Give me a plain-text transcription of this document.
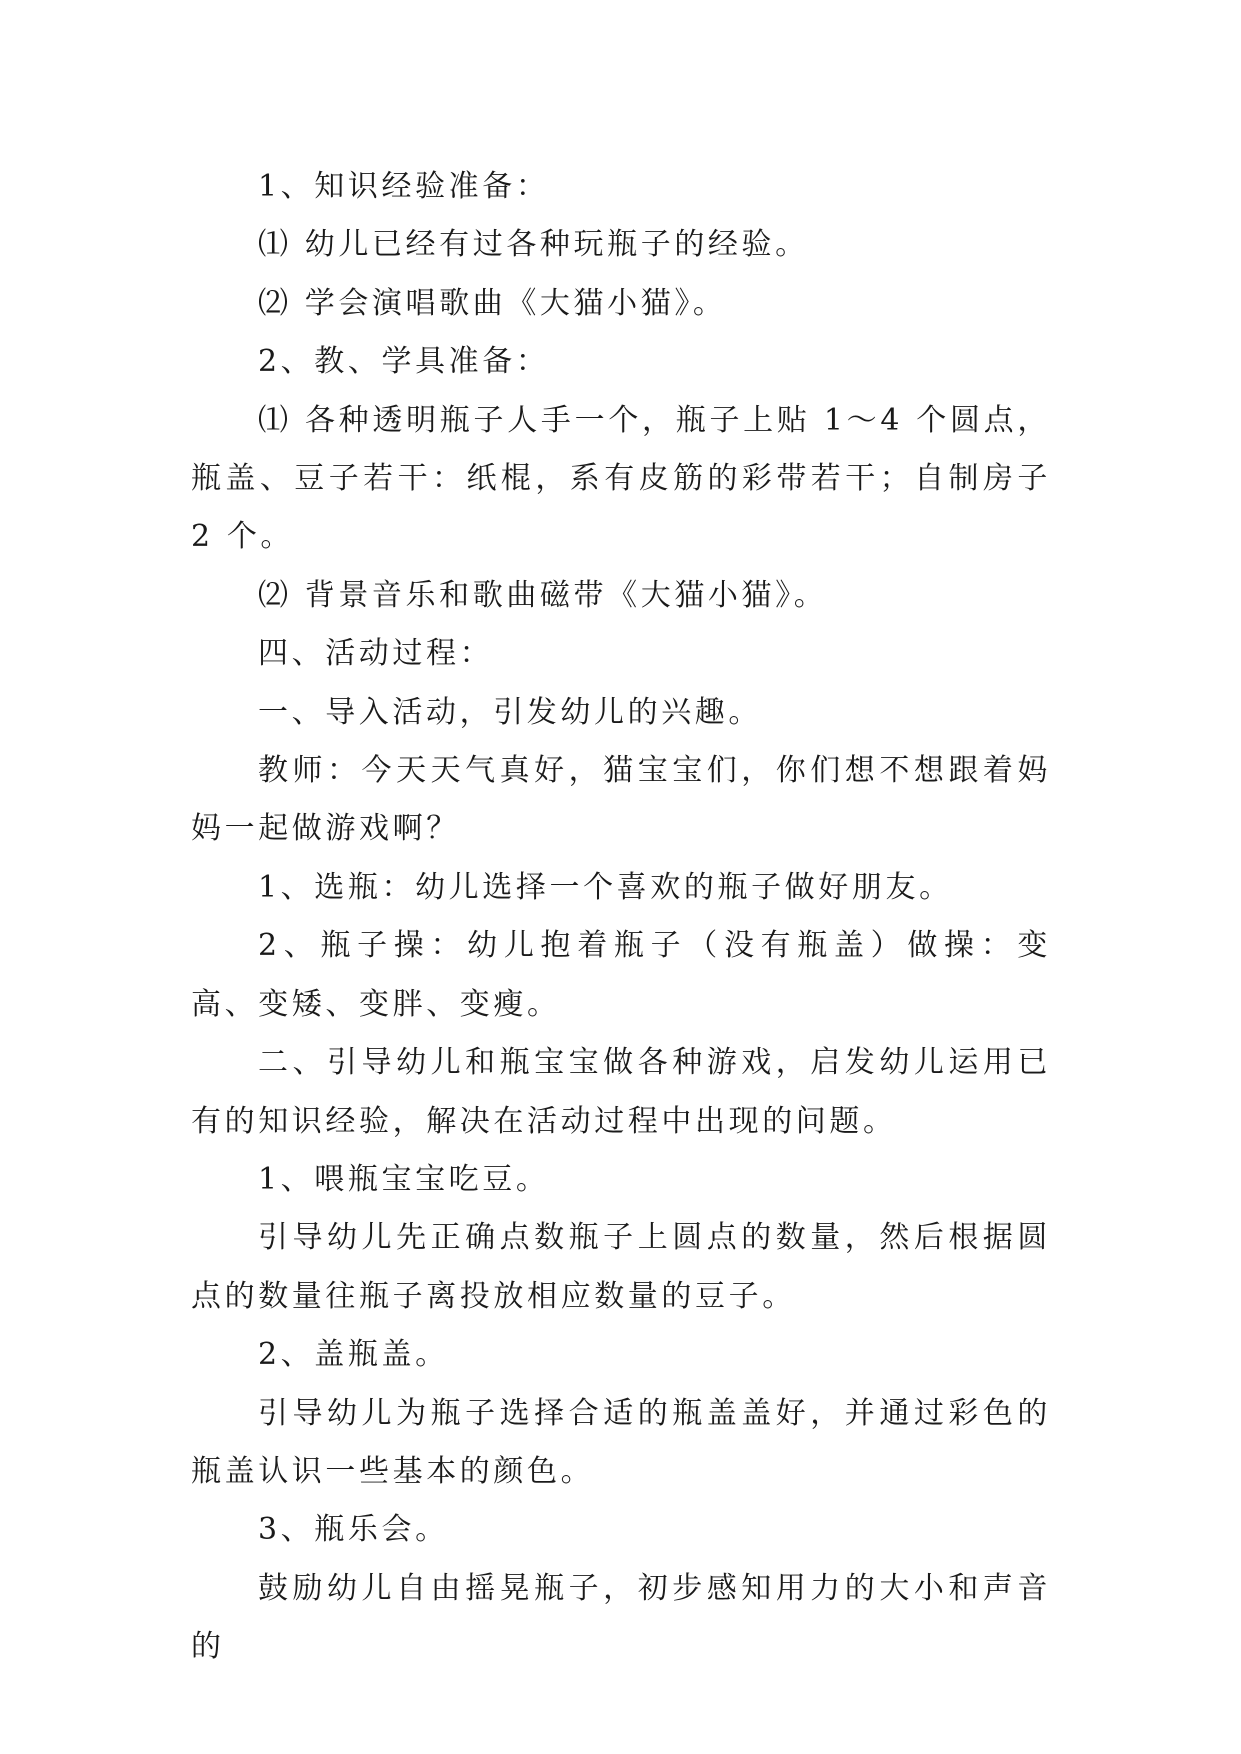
1、知识经验准备：

⑴ 幼儿已经有过各种玩瓶子的经验。

⑵ 学会演唱歌曲《大猫小猫》。

2、教、学具准备：

⑴ 各种透明瓶子人手一个，瓶子上贴 1～4 个圆点，瓶盖、豆子若干：纸棍，系有皮筋的彩带若干；自制房子 2 个。

⑵ 背景音乐和歌曲磁带《大猫小猫》。

四、活动过程：

一、导入活动，引发幼儿的兴趣。

教师：今天天气真好，猫宝宝们，你们想不想跟着妈妈一起做游戏啊？

1、选瓶：幼儿选择一个喜欢的瓶子做好朋友。

2、瓶子操：幼儿抱着瓶子（没有瓶盖）做操：变高、变矮、变胖、变瘦。

二、引导幼儿和瓶宝宝做各种游戏，启发幼儿运用已有的知识经验，解决在活动过程中出现的问题。

1、喂瓶宝宝吃豆。

引导幼儿先正确点数瓶子上圆点的数量，然后根据圆点的数量往瓶子离投放相应数量的豆子。

2、盖瓶盖。

引导幼儿为瓶子选择合适的瓶盖盖好，并通过彩色的瓶盖认识一些基本的颜色。

3、瓶乐会。

鼓励幼儿自由摇晃瓶子，初步感知用力的大小和声音的
